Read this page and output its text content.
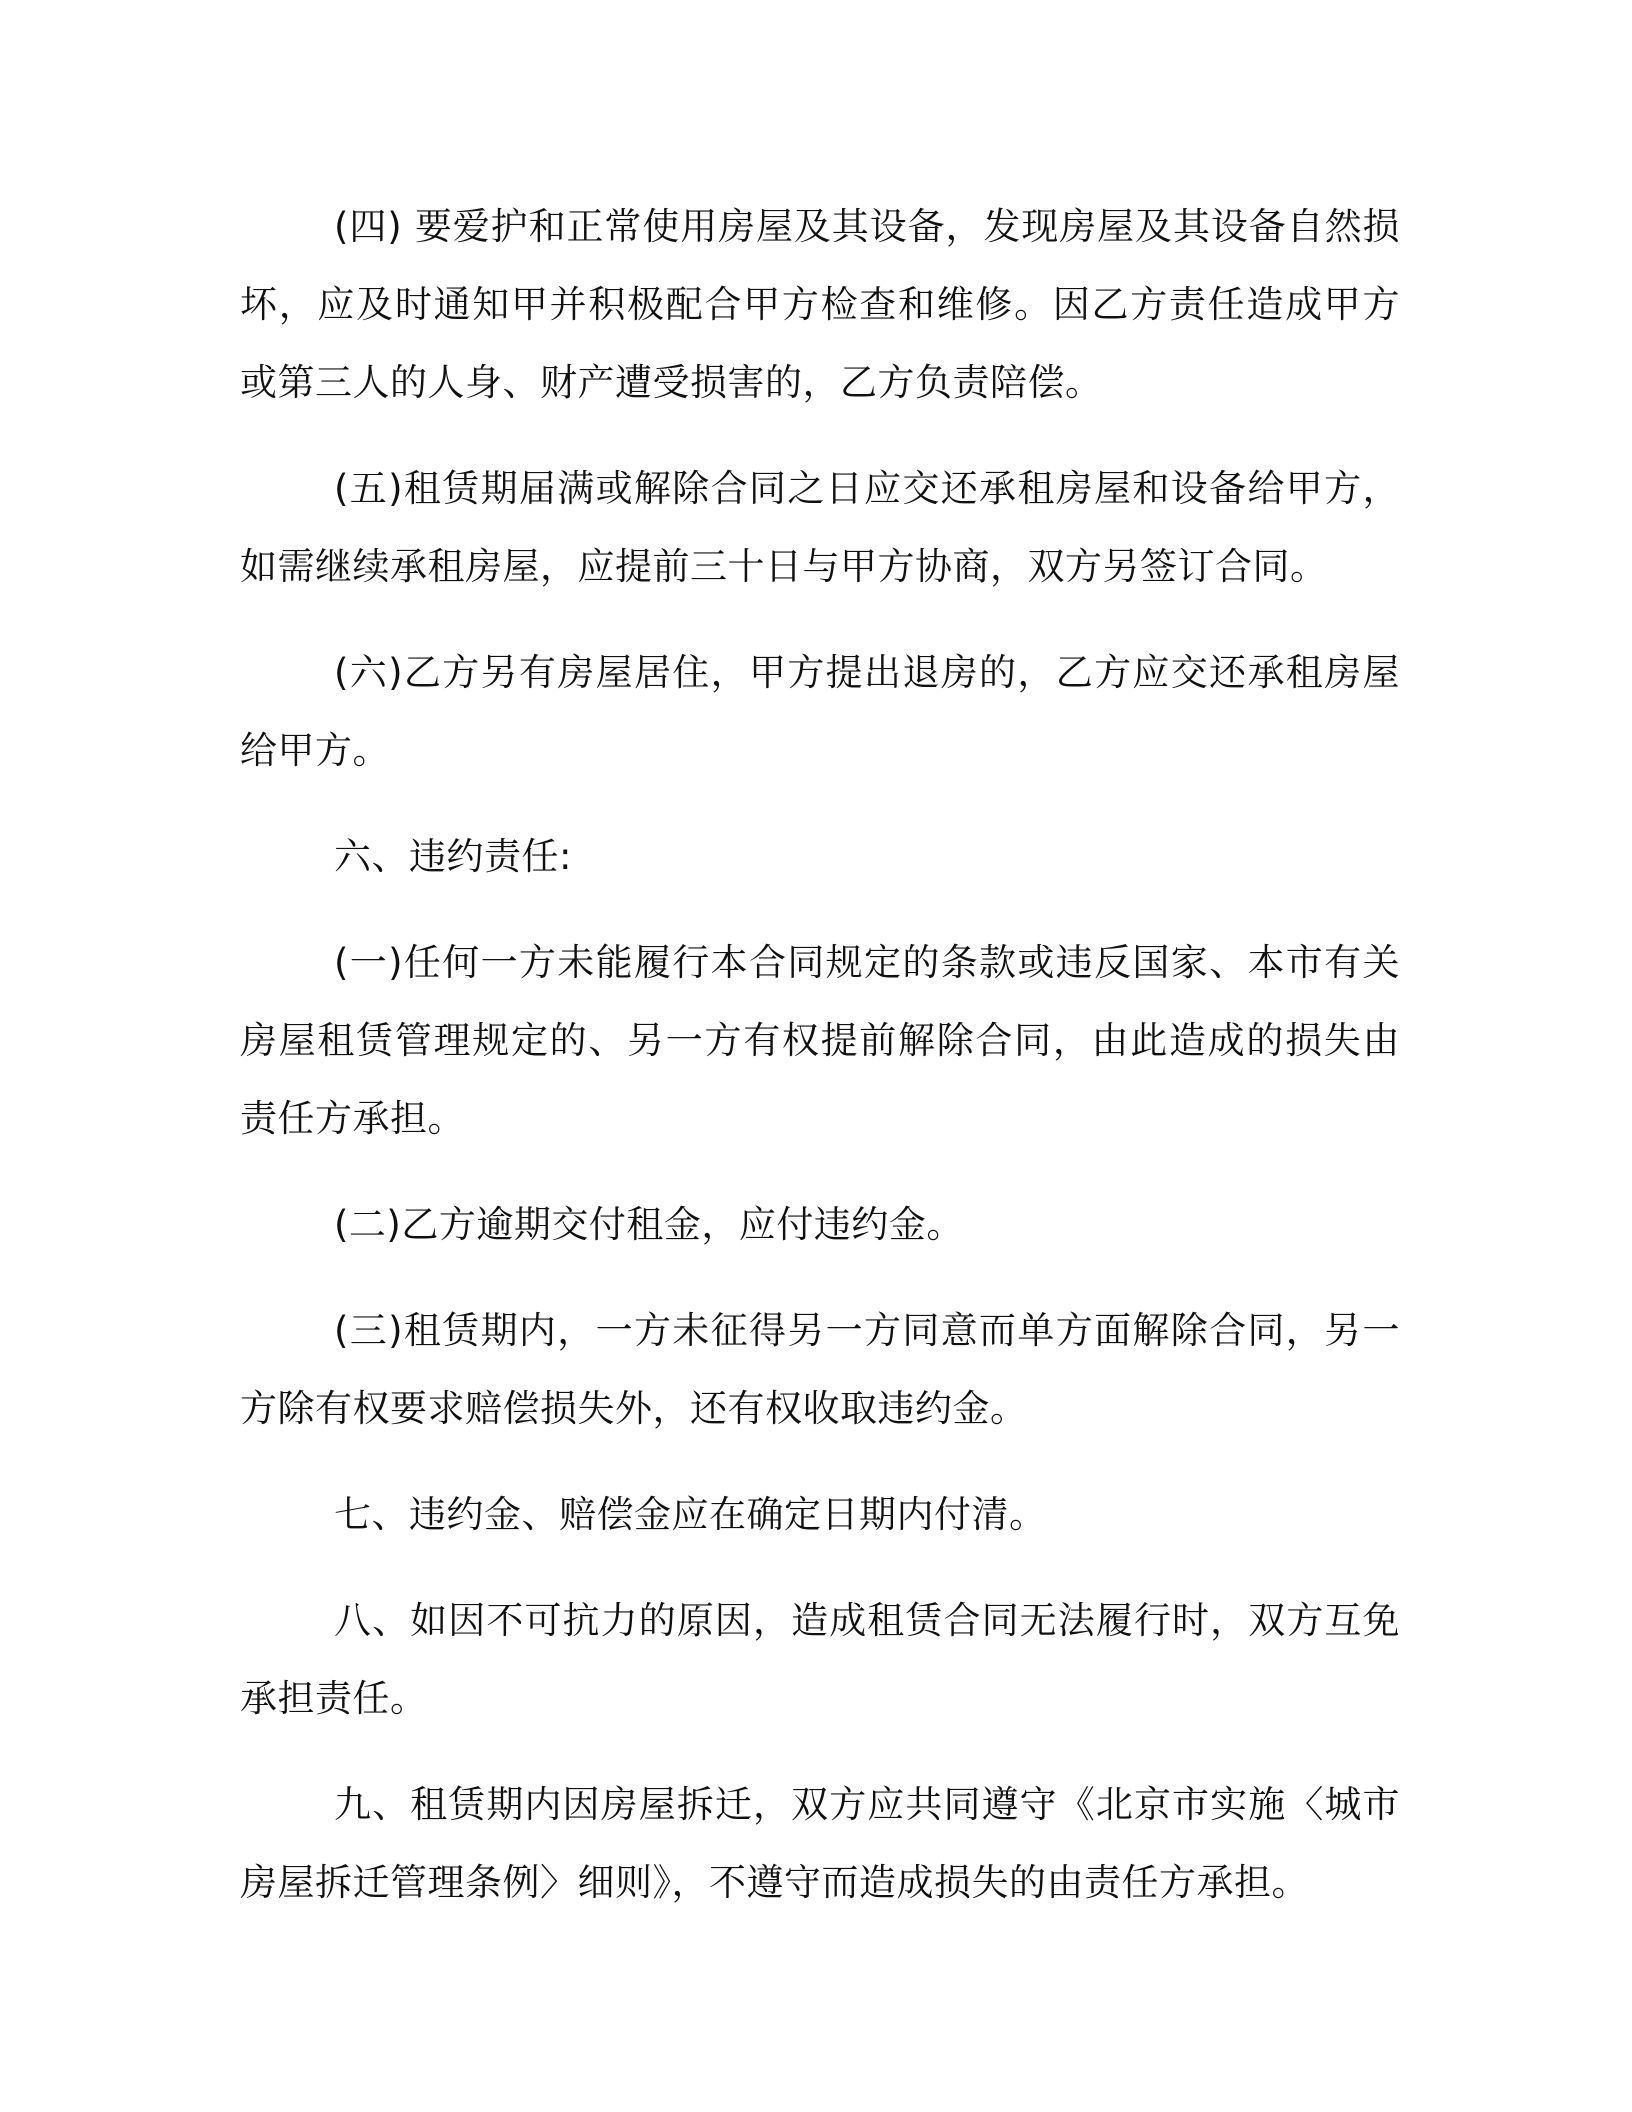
(四) 要爱护和正常使用房屋及其设备，发现房屋及其设备自然损坏，应及时通知甲并积极配合甲方检查和维修。因乙方责任造成甲方或第三人的人身、财产遭受损害的，乙方负责陪偿。

(五)租赁期届满或解除合同之日应交还承租房屋和设备给甲方，如需继续承租房屋，应提前三十日与甲方协商，双方另签订合同。

(六)乙方另有房屋居住，甲方提出退房的，乙方应交还承租房屋给甲方。

六、违约责任:

(一)任何一方未能履行本合同规定的条款或违反国家、本市有关房屋租赁管理规定的、另一方有权提前解除合同，由此造成的损失由责任方承担。

(二)乙方逾期交付租金，应付违约金。

(三)租赁期内，一方未征得另一方同意而单方面解除合同，另一方除有权要求赔偿损失外，还有权收取违约金。

七、违约金、赔偿金应在确定日期内付清。

八、如因不可抗力的原因，造成租赁合同无法履行时，双方互免承担责任。

九、租赁期内因房屋拆迁，双方应共同遵守《北京市实施〈城市房屋拆迁管理条例〉细则》，不遵守而造成损失的由责任方承担。
